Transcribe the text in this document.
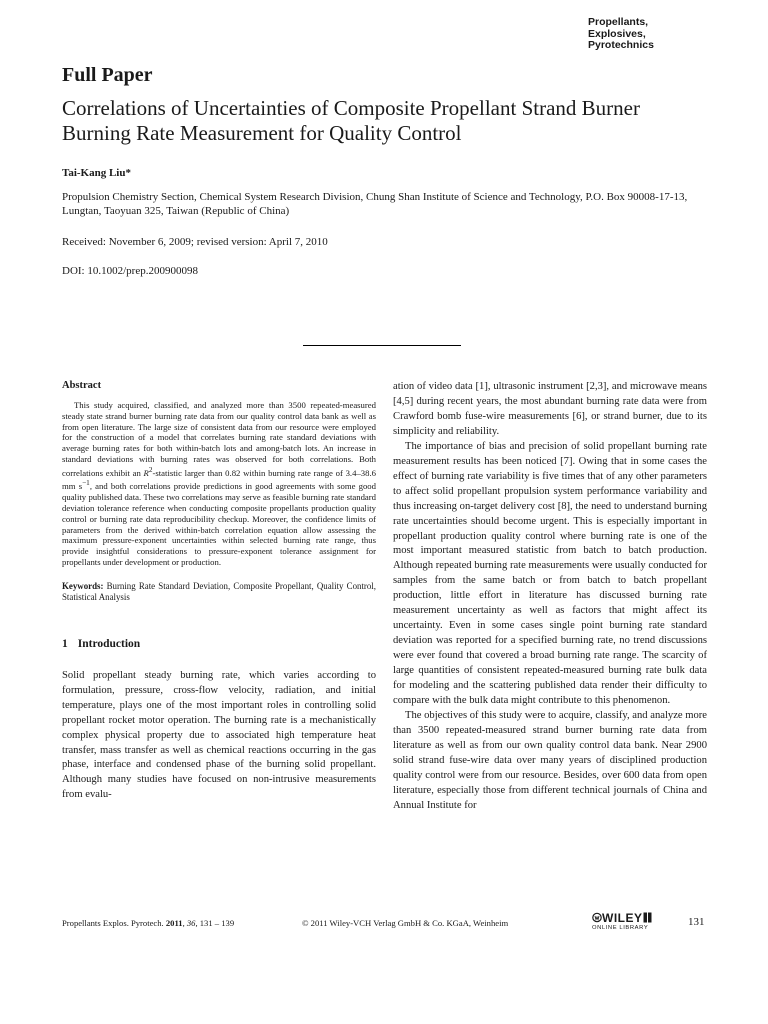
Propellants,
Explosives,
Pyrotechnics
Full Paper
Correlations of Uncertainties of Composite Propellant Strand Burner Burning Rate Measurement for Quality Control
Tai-Kang Liu*
Propulsion Chemistry Section, Chemical System Research Division, Chung Shan Institute of Science and Technology, P.O. Box 90008-17-13, Lungtan, Taoyuan 325, Taiwan (Republic of China)
Received: November 6, 2009; revised version: April 7, 2010
DOI: 10.1002/prep.200900098
Abstract

This study acquired, classified, and analyzed more than 3500 repeated-measured steady state strand burner burning rate data from our quality control data bank as well as from open literature. The large size of consistent data from our resource were employed for the construction of a model that correlates burning rate standard deviations with average burning rates for both within-batch lots and among-batch lots. An increase in standard deviations with burning rates was observed for both correlations. Both correlations exhibit an $R^2$-statistic larger than 0.82 within burning rate range of 3.4–38.6 mm $s^{-1}$, and both correlations provide predictions in good agreements with some good quality published data. These two correlations may serve as feasible burning rate standard deviation tolerance reference when conducting composite propellants production quality control or burning rate data reproducibility checkup. Moreover, the confidence limits of parameters from the derived within-batch correlation equation allow assessing the maximum pressure-exponent uncertainties within selected burning rate range, thus provide insightful considerations to pressure-exponent tolerance assignment for propellants under development or production.

Keywords: Burning Rate Standard Deviation, Composite Propellant, Quality Control, Statistical Analysis
1 Introduction

Solid propellant steady burning rate, which varies according to formulation, pressure, cross-flow velocity, radiation, and initial temperature, plays one of the most important roles in controlling solid propellant rocket motor operation. The burning rate is a mechanistically complex physical property due to associated high temperature heat transfer, mass transfer as well as chemical reactions occurring in the gas phase, interface and condensed phase of the burning solid propellant. Although many studies have focused on non-intrusive measurements from evalu-

ation of video data [1], ultrasonic instrument [2,3], and microwave means [4,5] during recent years, the most abundant burning rate data were from Crawford bomb fuse-wire measurements [6], or strand burner, due to its simplicity and reliability.

The importance of bias and precision of solid propellant burning rate measurement results has been noticed [7]. Owing that in some cases the effect of burning rate variability is five times that of any other parameters to affect solid propellant propulsion system performance variability and thus increasing on-target delivery cost [8], the need to understand burning rate uncertainties should become urgent. This is especially important in propellant production quality control where burning rate is one of the most important measured statistic from batch to batch production. Although repeated burning rate measurements were usually conducted for samples from the same batch or from batch to batch propellant production, little effort in literature has discussed burning rate measurement uncertainty as well as factors that might affect its uncertainty. Even in some cases single point burning rate standard deviation was reported for a specified burning rate, no trend discussions were ever found that covered a broad burning rate range. The scarcity of large quantities of consistent repeated-measured burning rate bulk data for modeling and the scattering published data render their difficulty to compare with the bulk data might contribute to this phenomenon.

The objectives of this study were to acquire, classify, and analyze more than 3500 repeated-measured strand burner burning rate data from literature as well as from our own quality control data bank. Near 2900 solid strand fuse-wire data over many years of disciplined production quality control were from our resource. Besides, over 600 data from open literature, especially those from different technical journals of China and Annual Institute for

Propellants Explos. Pyrotech. 2011, 36, 131 – 139	© 2011 Wiley-VCH Verlag GmbH & Co. KGaA, Weinheim	WILEY
ONLINE LIBRARY	131
